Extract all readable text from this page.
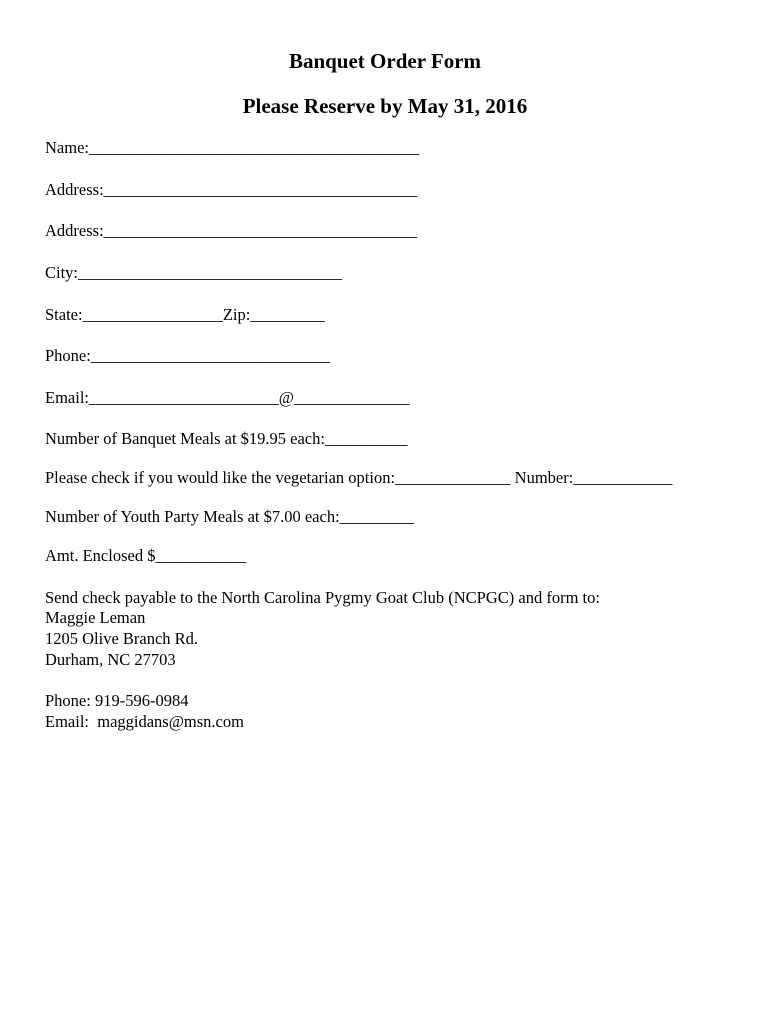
Banquet Order Form
Please Reserve by May 31, 2016
Name:________________________________________
Address:______________________________________
Address:______________________________________
City:________________________________
State:_________________Zip:_________
Phone:_____________________________
Email:_______________________@______________
Number of Banquet Meals at $19.95 each:__________
Please check if you would like the vegetarian option:______________ Number:____________
Number of Youth Party Meals at $7.00 each:_________
Amt. Enclosed $___________
Send check payable to the North Carolina Pygmy Goat Club (NCPGC) and form to:
Maggie Leman
1205 Olive Branch Rd.
Durham, NC 27703
Phone: 919-596-0984
Email:  maggidans@msn.com
